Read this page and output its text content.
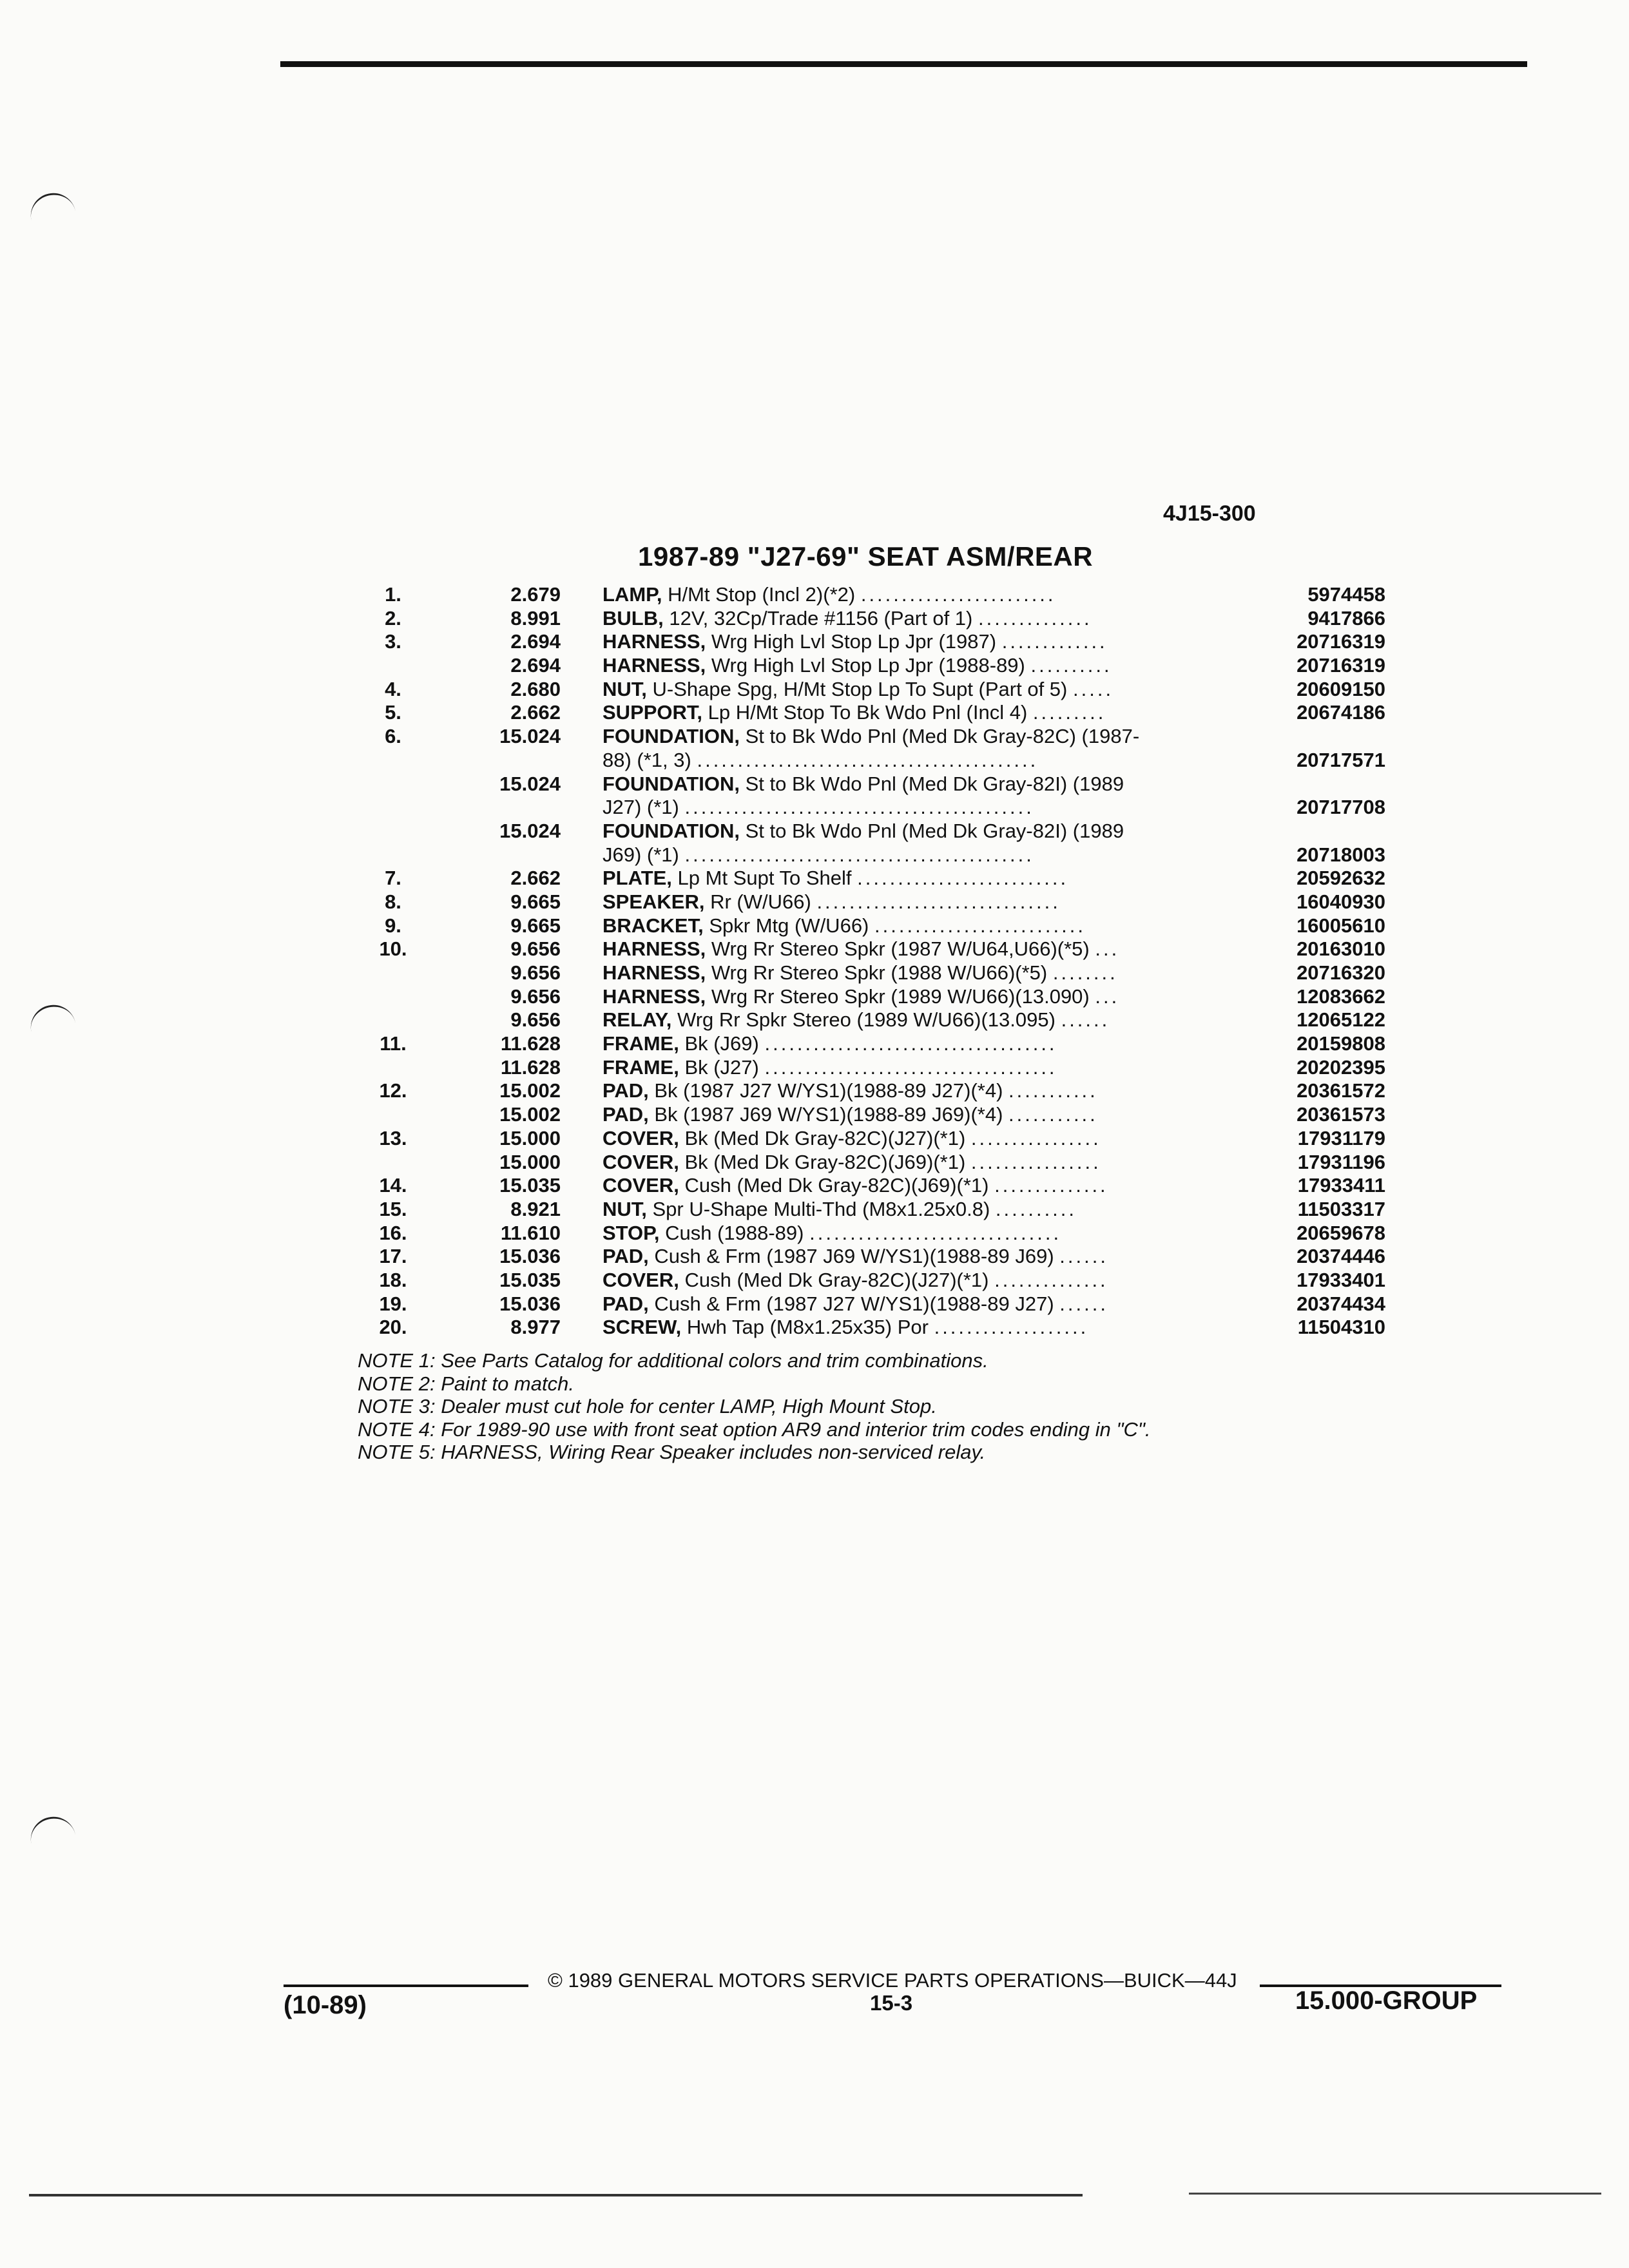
4J15-300
1987-89 "J27-69" SEAT ASM/REAR
1.	2.679 LAMP, H/Mt Stop (Incl 2)(*2) ........................	5974458
2.	8.991 BULB, 12V, 32Cp/Trade #1156 (Part of 1) ..............	9417866
3.	2.694 HARNESS, Wrg High Lvl Stop Lp Jpr (1987) .............	20716319
2.694 HARNESS, Wrg High Lvl Stop Lp Jpr (1988-89) ..........	20716319
4.	2.680 NUT, U-Shape Spg, H/Mt Stop Lp To Supt (Part of 5) .....	20609150
5.	2.662 SUPPORT, Lp H/Mt Stop To Bk Wdo Pnl (Incl 4) .........	20674186
6.	15.024 FOUNDATION, St to Bk Wdo Pnl (Med Dk Gray-82C) (1987-
88) (*1, 3) ..........................................	20717571
15.024 FOUNDATION, St to Bk Wdo Pnl (Med Dk Gray-82I) (1989
J27) (*1) ...........................................	20717708
15.024 FOUNDATION, St to Bk Wdo Pnl (Med Dk Gray-82I) (1989
J69) (*1) ...........................................	20718003
7.	2.662 PLATE, Lp Mt Supt To Shelf ..........................	20592632
8.	9.665 SPEAKER, Rr (W/U66) ..............................	16040930
9.	9.665 BRACKET, Spkr Mtg (W/U66) ..........................	16005610
10.	9.656 HARNESS, Wrg Rr Stereo Spkr (1987 W/U64,U66)(*5) ...	20163010
9.656 HARNESS, Wrg Rr Stereo Spkr (1988 W/U66)(*5) ........	20716320
9.656 HARNESS, Wrg Rr Stereo Spkr (1989 W/U66)(13.090) ...	12083662
9.656 RELAY, Wrg Rr Spkr Stereo (1989 W/U66)(13.095) ......	12065122
11.	11.628 FRAME, Bk (J69) ....................................	20159808
11.628 FRAME, Bk (J27) ....................................	20202395
12.	15.002 PAD, Bk (1987 J27 W/YS1)(1988-89 J27)(*4) ...........	20361572
15.002 PAD, Bk (1987 J69 W/YS1)(1988-89 J69)(*4) ...........	20361573
13.	15.000 COVER, Bk (Med Dk Gray-82C)(J27)(*1) ................	17931179
15.000 COVER, Bk (Med Dk Gray-82C)(J69)(*1) ................	17931196
14.	15.035 COVER, Cush (Med Dk Gray-82C)(J69)(*1) ..............	17933411
15.	8.921 NUT, Spr U-Shape Multi-Thd (M8x1.25x0.8) ..........	11503317
16.	11.610 STOP, Cush (1988-89) ...............................	20659678
17.	15.036 PAD, Cush & Frm (1987 J69 W/YS1)(1988-89 J69) ......	20374446
18.	15.035 COVER, Cush (Med Dk Gray-82C)(J27)(*1) ..............	17933401
19.	15.036 PAD, Cush & Frm (1987 J27 W/YS1)(1988-89 J27) ......	20374434
20.	8.977 SCREW, Hwh Tap (M8x1.25x35) Por ...................	11504310
NOTE 1: See Parts Catalog for additional colors and trim combinations.
NOTE 2: Paint to match.
NOTE 3: Dealer must cut hole for center LAMP, High Mount Stop.
NOTE 4: For 1989-90 use with front seat option AR9 and interior trim codes ending in "C".
NOTE 5: HARNESS, Wiring Rear Speaker includes non-serviced relay.
© 1989 GENERAL MOTORS SERVICE PARTS OPERATIONS—BUICK—44J
(10-89)	15-3	15.000-GROUP
